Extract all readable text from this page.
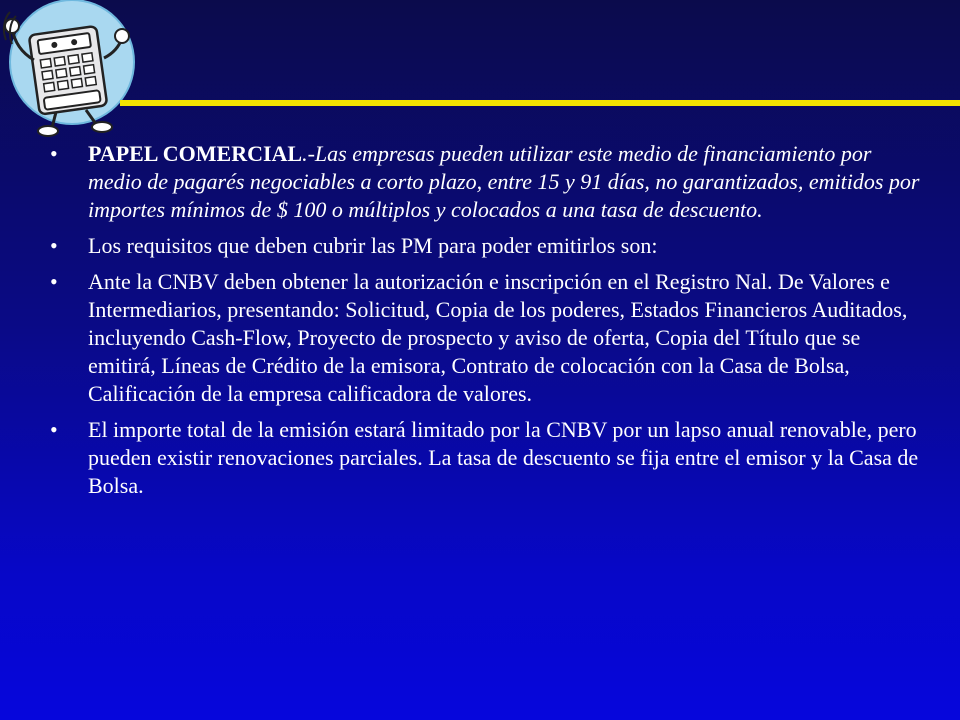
• PAPEL COMERCIAL.-Las empresas pueden utilizar este medio de financiamiento por medio de pagarés negociables a corto plazo, entre 15 y 91 días, no garantizados, emitidos por importes mínimos de $ 100 o múltiplos y colocados a una tasa de descuento.
• Los requisitos que deben cubrir las PM para poder emitirlos son:
• Ante la CNBV deben obtener la autorización e inscripción en el Registro Nal. De Valores e Intermediarios, presentando: Solicitud, Copia de los poderes, Estados Financieros Auditados, incluyendo Cash-Flow, Proyecto de prospecto y aviso de oferta, Copia del Título que se emitirá, Líneas de Crédito de la emisora, Contrato de colocación con la Casa de Bolsa, Calificación de la empresa calificadora de valores.
• El importe total de la emisión estará limitado por la CNBV por un lapso anual renovable, pero pueden existir renovaciones parciales. La tasa de descuento se fija entre el emisor y la Casa de Bolsa.
